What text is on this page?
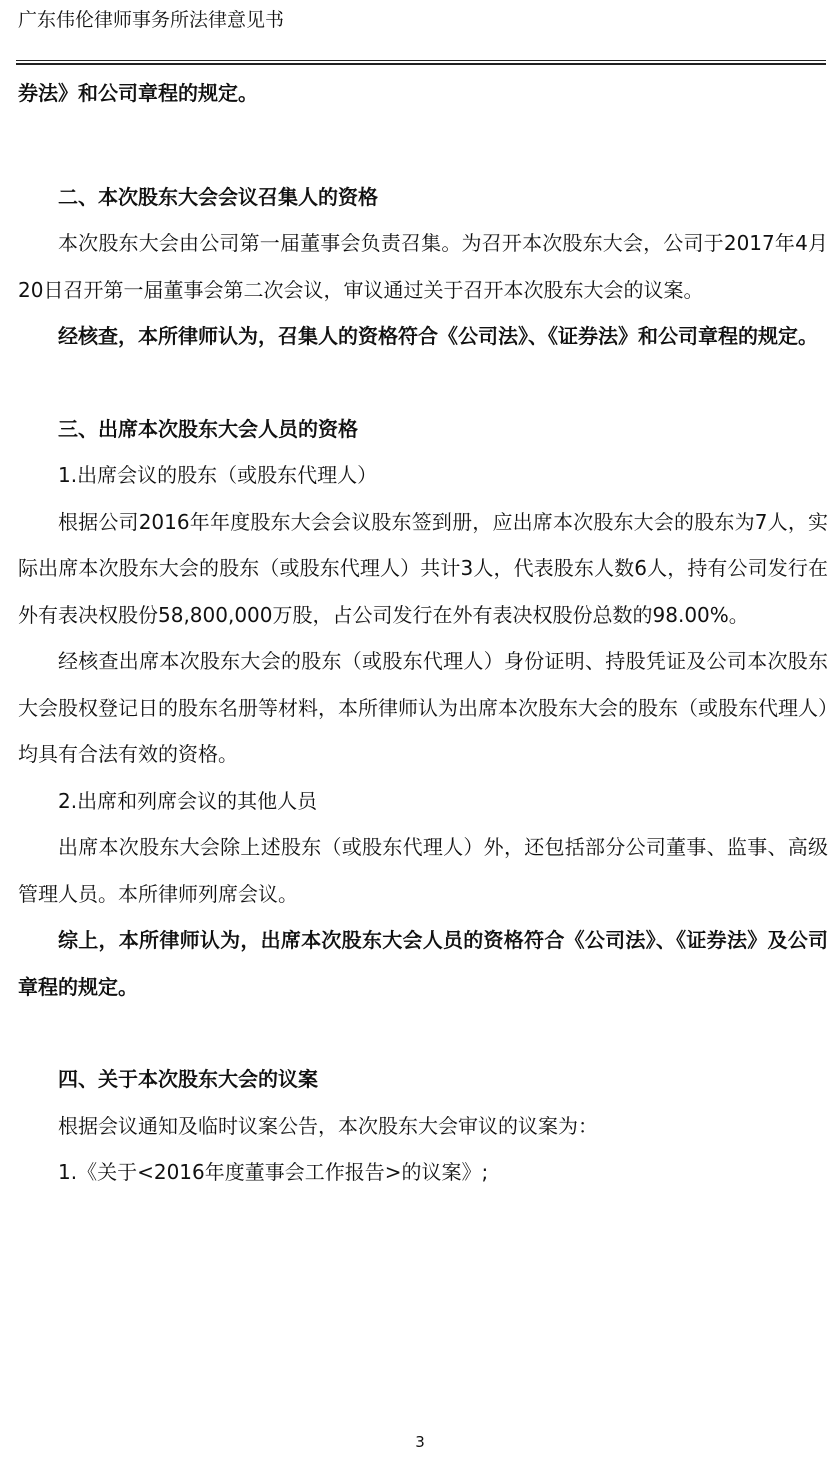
广东伟伦律师事务所法律意见书

券法》和公司章程的规定。

二、本次股东大会会议召集人的资格

本次股东大会由公司第一届董事会负责召集。为召开本次股东大会，公司于2017年4月20日召开第一届董事会第二次会议，审议通过关于召开本次股东大会的议案。

经核查，本所律师认为，召集人的资格符合《公司法》、《证券法》和公司章程的规定。

三、出席本次股东大会人员的资格

1.出席会议的股东（或股东代理人）

根据公司2016年年度股东大会会议股东签到册，应出席本次股东大会的股东为7人，实际出席本次股东大会的股东（或股东代理人）共计3人，代表股东人数6人，持有公司发行在外有表决权股份58,800,000万股，占公司发行在外有表决权股份总数的98.00%。

经核查出席本次股东大会的股东（或股东代理人）身份证明、持股凭证及公司本次股东大会股权登记日的股东名册等材料，本所律师认为出席本次股东大会的股东（或股东代理人）均具有合法有效的资格。

2.出席和列席会议的其他人员

出席本次股东大会除上述股东（或股东代理人）外，还包括部分公司董事、监事、高级管理人员。本所律师列席会议。

综上，本所律师认为，出席本次股东大会人员的资格符合《公司法》、《证券法》及公司章程的规定。

四、关于本次股东大会的议案

根据会议通知及临时议案公告，本次股东大会审议的议案为：

1.《关于<2016年度董事会工作报告>的议案》;

3
